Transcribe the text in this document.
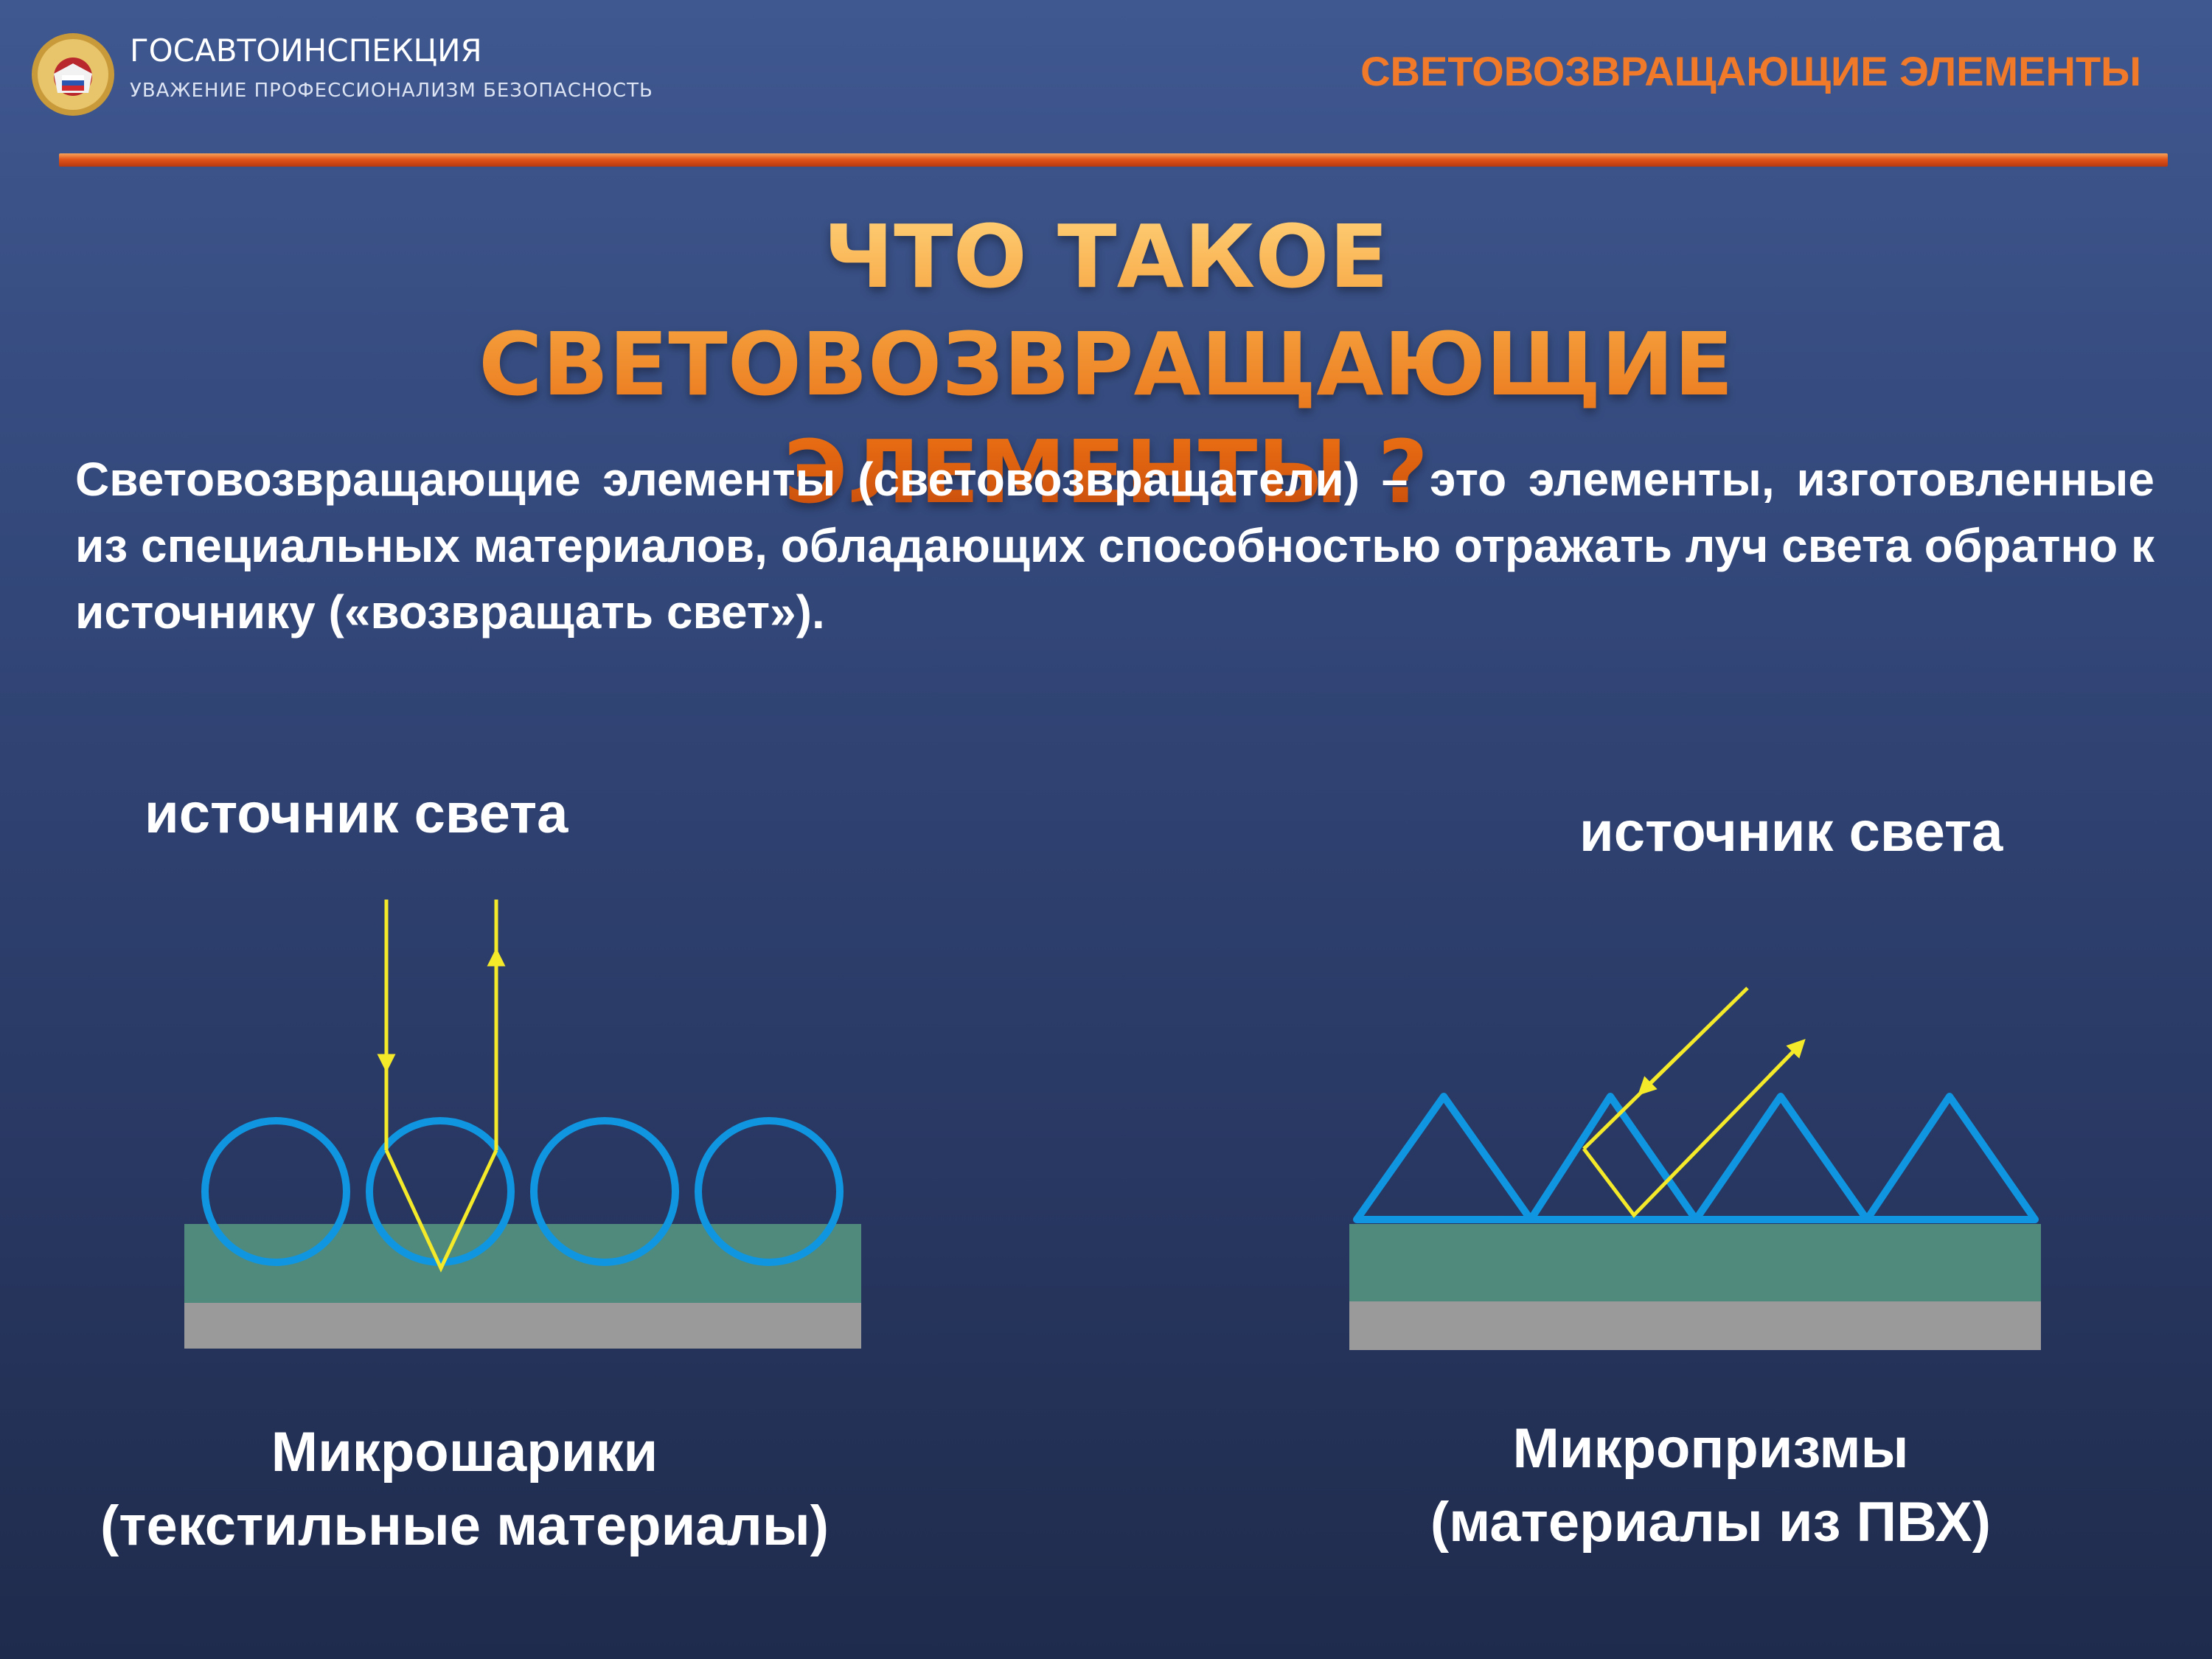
ГОСАВТОИНСПЕКЦИЯ
УВАЖЕНИЕ ПРОФЕССИОНАЛИЗМ БЕЗОПАСНОСТЬ	СВЕТОВОЗВРАЩАЮЩИЕ ЭЛЕМЕНТЫ
ЧТО ТАКОЕ СВЕТОВОЗВРАЩАЮЩИЕ
ЭЛЕМЕНТЫ ?
Световозвращающие элементы (световозвращатели) – это элементы, изготовленные из специальных материалов, обладающих способностью отражать луч света обратно к источнику («возвращать свет»).
источник света	источник света
Микрошарики
(текстильные материалы)
Микропризмы
(материалы из ПВХ)
